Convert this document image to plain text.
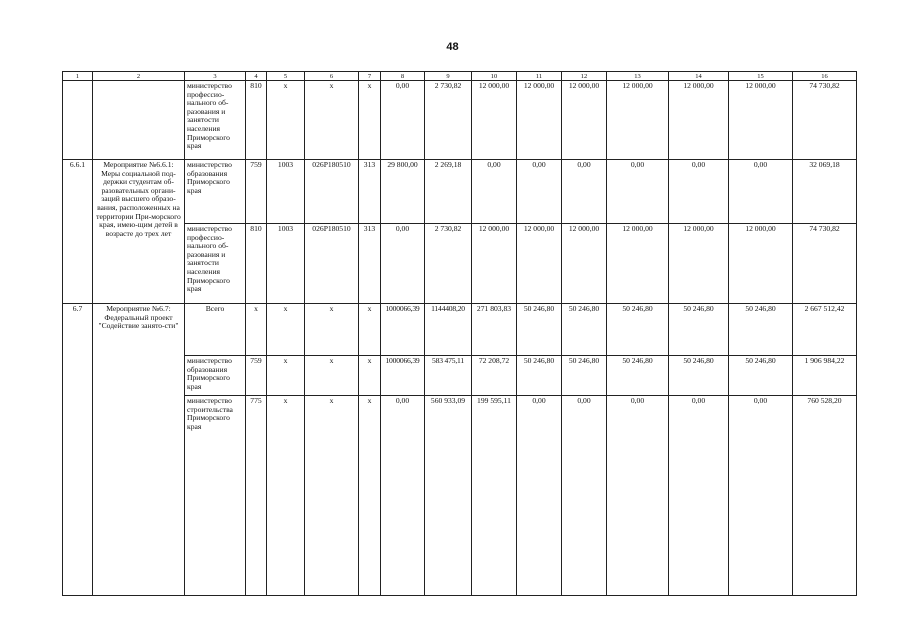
48
1	2	3	4	5	6	7	8	9	10	11	12	13	14	15	16
		министерство профессио-нального об-разования и занятости населения Приморского края	810	х	х	х	0,00	2 730,82	12 000,00	12 000,00	12 000,00	12 000,00	12 000,00	12 000,00	74 730,82
6.6.1	Мероприятие №6.6.1: Меры социальной под-держки студентам об-разовательных органи-заций высшего образо-вания, расположенных на территории При-морского края, имею-щим детей в возрасте до трех лет	министерство образования Приморского края	759	1003	026P180510	313	29 800,00	2 269,18	0,00	0,00	0,00	0,00	0,00	0,00	32 069,18
		министерство профессио-нального об-разования и занятости населения Приморского края	810	1003	026P180510	313	0,00	2 730,82	12 000,00	12 000,00	12 000,00	12 000,00	12 000,00	12 000,00	74 730,82
6.7	Мероприятие №6.7: Федеральный проект "Содействие занято-сти"	Всего	х	х	х	х	1000066,39	1144408,20	271 803,83	50 246,80	50 246,80	50 246,80	50 246,80	50 246,80	2 667 512,42
		министерство образования Приморского края	759	х	х	х	1000066,39	583 475,11	72 208,72	50 246,80	50 246,80	50 246,80	50 246,80	50 246,80	1 906 984,22
		министерство строительства Приморского края	775	х	х	х	0,00	560 933,09	199 595,11	0,00	0,00	0,00	0,00	0,00	760 528,20
